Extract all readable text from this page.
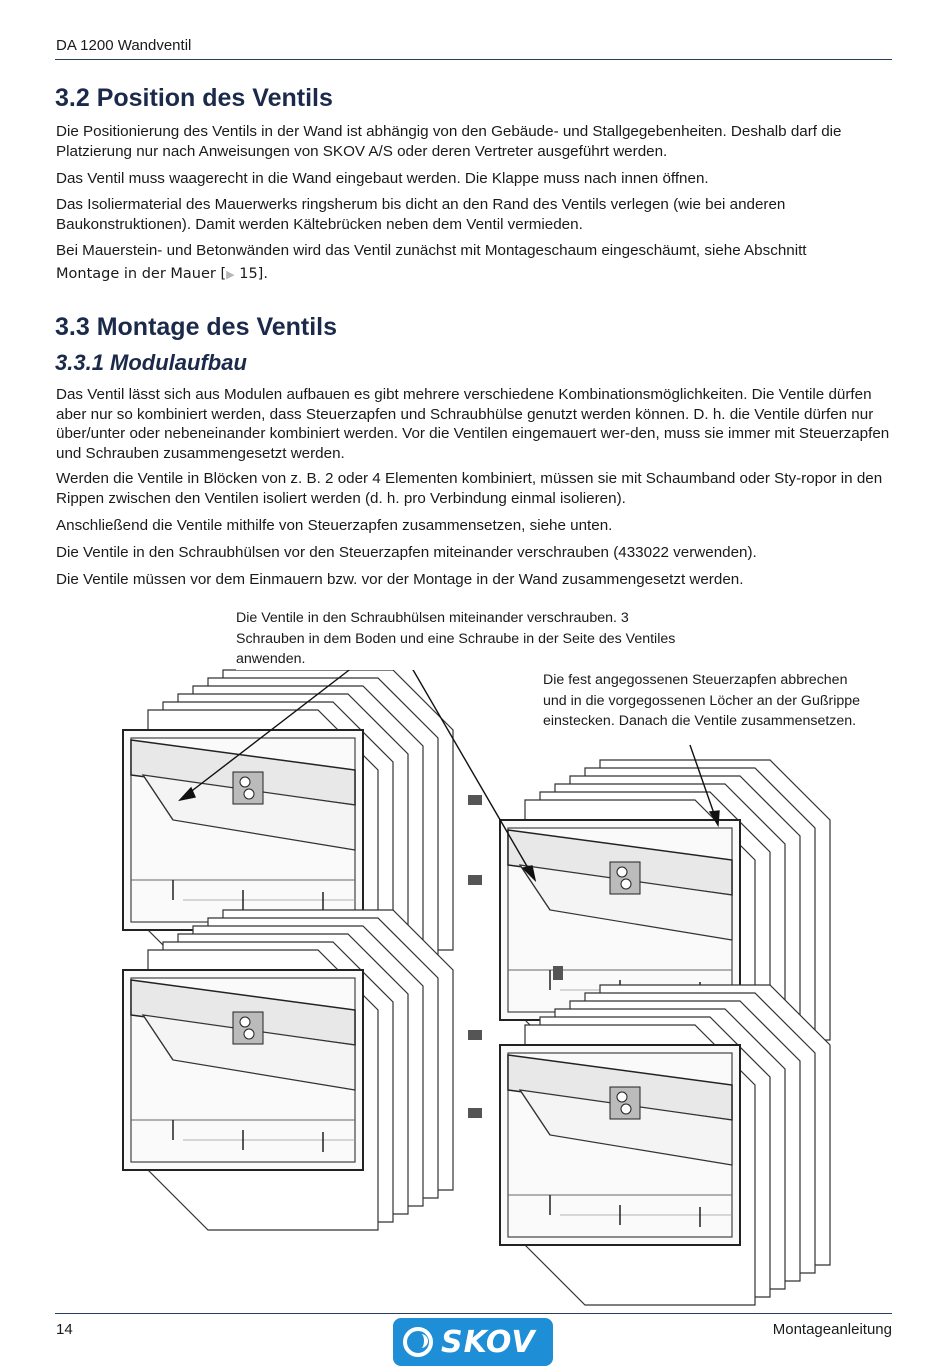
DA 1200 Wandventil
3.2 Position des Ventils
Die Positionierung des Ventils in der Wand ist abhängig von den Gebäude- und Stallgegebenheiten. Deshalb darf die Platzierung nur nach Anweisungen von SKOV A/S oder deren Vertreter ausgeführt werden.
Das Ventil muss waagerecht in die Wand eingebaut werden. Die Klappe muss nach innen öffnen.
Das Isoliermaterial des Mauerwerks ringsherum bis dicht an den Rand des Ventils verlegen (wie bei anderen Baukonstruktionen). Damit werden Kältebrücken neben dem Ventil vermieden.
Bei Mauerstein- und Betonwänden wird das Ventil zunächst mit Montageschaum eingeschäumt, siehe Abschnitt
Montage in der Mauer [▶ 15].
3.3 Montage des Ventils
3.3.1 Modulaufbau
Das Ventil lässt sich aus Modulen aufbauen es gibt mehrere verschiedene Kombinationsmöglichkeiten. Die Ventile dürfen aber nur so kombiniert werden, dass Steuerzapfen und Schraubhülse genutzt werden können. D. h. die Ventile dürfen nur über/unter oder nebeneinander kombiniert werden. Vor die Ventilen eingemauert wer-den, muss sie immer mit Steuerzapfen und Schrauben zusammengesetzt werden.
Werden die Ventile in Blöcken von z. B. 2 oder 4 Elementen kombiniert, müssen sie mit Schaumband oder Sty-ropor in den Rippen zwischen den Ventilen isoliert werden (d. h. pro Verbindung einmal isolieren).
Anschließend die Ventile mithilfe von Steuerzapfen zusammensetzen, siehe unten.
Die Ventile in den Schraubhülsen vor den Steuerzapfen miteinander verschrauben (433022 verwenden).
Die Ventile müssen vor dem Einmauern bzw. vor der Montage in der Wand zusammengesetzt werden.
Die Ventile in den Schraubhülsen miteinander verschrauben. 3 Schrauben in dem Boden und eine Schraube in der Seite des Ventiles anwenden.
Die fest angegossenen Steuerzapfen abbrechen und in die vorgegossenen Löcher an der Gußrippe einstecken. Danach die Ventile zusammensetzen.
14	SKOV	Montageanleitung
